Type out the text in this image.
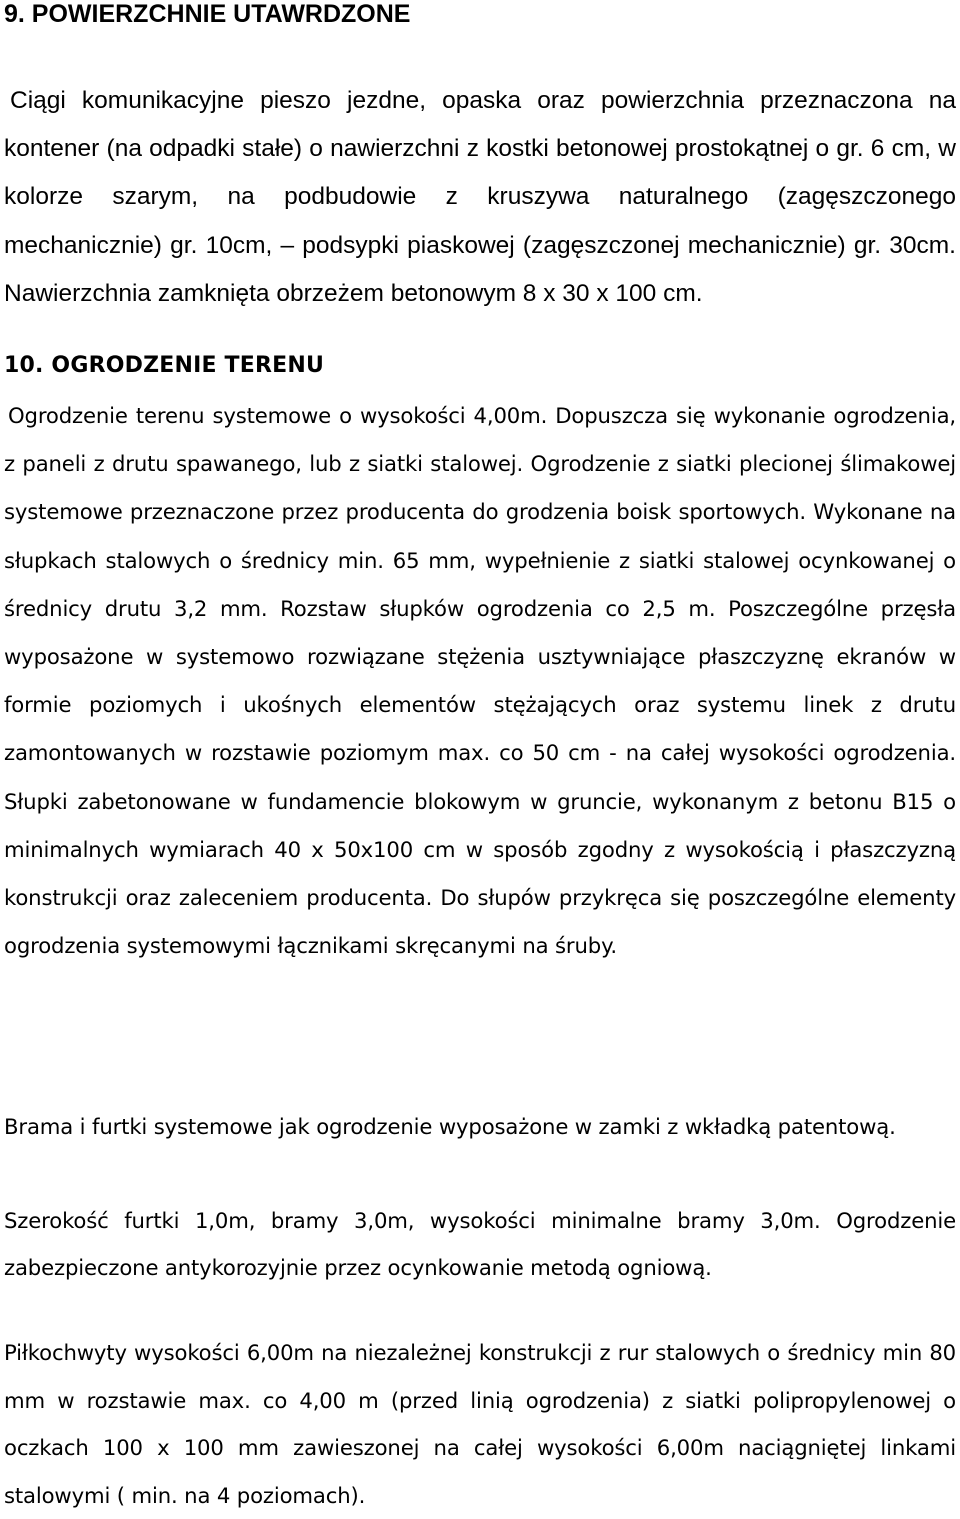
9. POWIERZCHNIE UTAWRDZONE

Ciągi komunikacyjne pieszo jezdne, opaska oraz powierzchnia przeznaczona na kontener (na odpadki stałe) o nawierzchni z kostki betonowej prostokątnej o gr. 6 cm, w kolorze szarym, na podbudowie z kruszywa naturalnego (zagęszczonego mechanicznie) gr. 10cm, – podsypki piaskowej (zagęszczonej mechanicznie) gr. 30cm. Nawierzchnia zamknięta obrzeżem betonowym 8 x 30 x 100 cm.

10. OGRODZENIE TERENU

Ogrodzenie terenu systemowe o wysokości 4,00m. Dopuszcza się wykonanie ogrodzenia, z paneli z drutu spawanego, lub z siatki stalowej. Ogrodzenie z siatki plecionej ślimakowej systemowe przeznaczone przez producenta do grodzenia boisk sportowych. Wykonane na słupkach stalowych o średnicy min. 65 mm, wypełnienie z siatki stalowej ocynkowanej o średnicy drutu 3,2 mm. Rozstaw słupków ogrodzenia co 2,5 m. Poszczególne przęsła wyposażone w systemowo rozwiązane stężenia usztywniające płaszczyznę ekranów w formie poziomych i ukośnych elementów stężających oraz systemu linek z drutu zamontowanych w rozstawie poziomym max. co 50 cm - na całej wysokości ogrodzenia. Słupki zabetonowane w fundamencie blokowym w gruncie, wykonanym z betonu B15 o minimalnych wymiarach 40 x 50x100 cm w sposób zgodny z wysokością i płaszczyzną konstrukcji oraz zaleceniem producenta. Do słupów przykręca się poszczególne elementy ogrodzenia systemowymi łącznikami skręcanymi na śruby.

Brama i furtki systemowe jak ogrodzenie wyposażone w zamki z wkładką patentową.

Szerokość furtki 1,0m, bramy 3,0m, wysokości minimalne bramy 3,0m. Ogrodzenie zabezpieczone antykorozyjnie przez ocynkowanie metodą ogniową.

Piłkochwyty wysokości 6,00m na niezależnej konstrukcji z rur stalowych o średnicy min 80 mm w rozstawie max. co 4,00 m (przed linią ogrodzenia) z siatki polipropylenowej o oczkach 100 x 100 mm zawieszonej na całej wysokości 6,00m naciągniętej linkami stalowymi ( min. na 4 poziomach).
